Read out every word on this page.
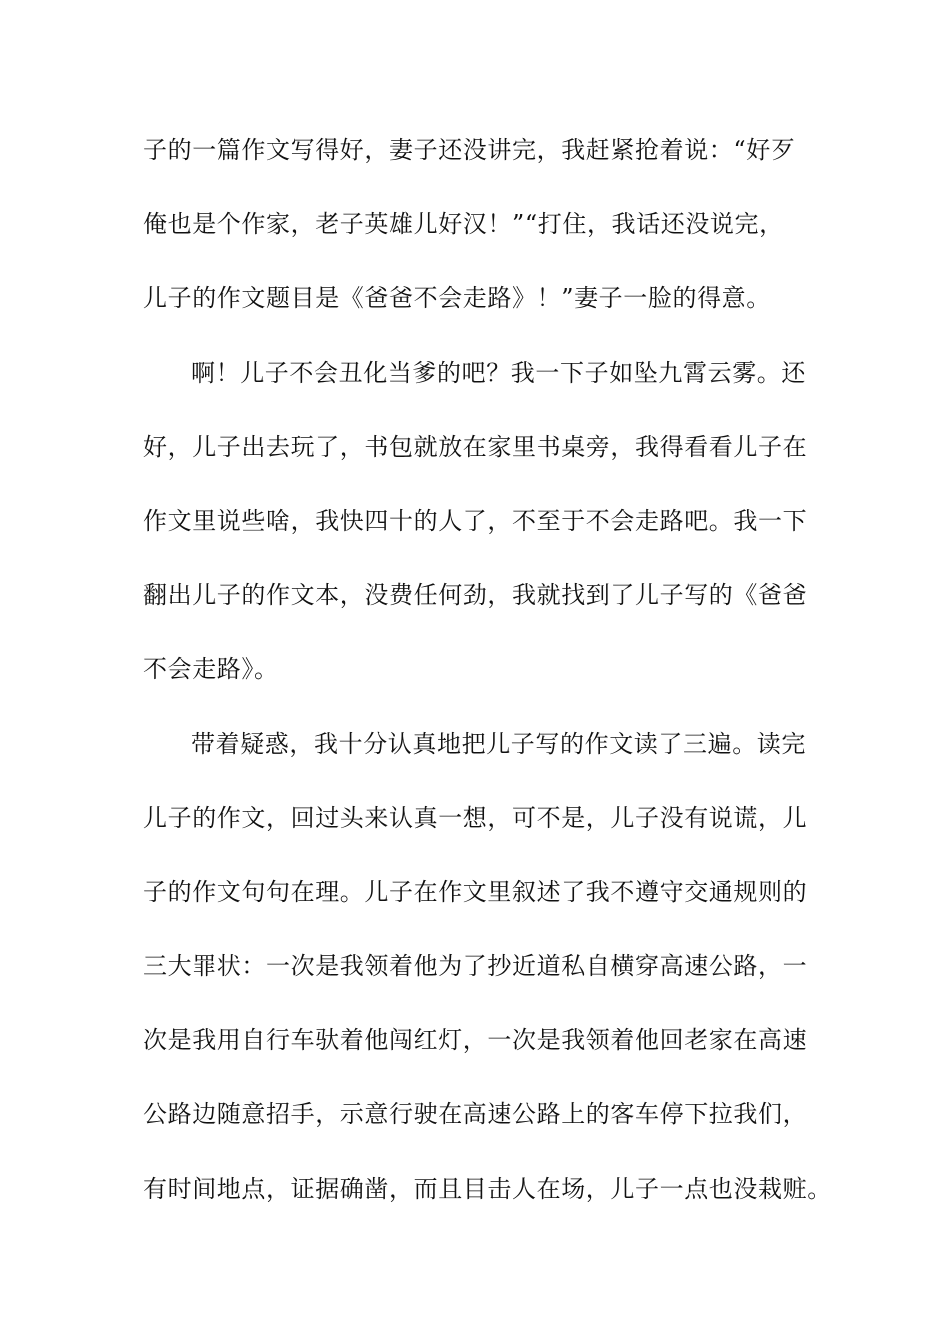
子的一篇作文写得好，妻子还没讲完，我赶紧抢着说：“好歹
俺也是个作家，老子英雄儿好汉！”“打住，我话还没说完，
儿子的作文题目是《爸爸不会走路》！”妻子一脸的得意。
啊！儿子不会丑化当爹的吧？我一下子如坠九霄云雾。还
好，儿子出去玩了，书包就放在家里书桌旁，我得看看儿子在
作文里说些啥，我快四十的人了，不至于不会走路吧。我一下
翻出儿子的作文本，没费任何劲，我就找到了儿子写的《爸爸
不会走路》。
带着疑惑，我十分认真地把儿子写的作文读了三遍。读完
儿子的作文，回过头来认真一想，可不是，儿子没有说谎，儿
子的作文句句在理。儿子在作文里叙述了我不遵守交通规则的
三大罪状：一次是我领着他为了抄近道私自横穿高速公路，一
次是我用自行车驮着他闯红灯，一次是我领着他回老家在高速
公路边随意招手，示意行驶在高速公路上的客车停下拉我们，
有时间地点，证据确凿，而且目击人在场，儿子一点也没栽赃。
